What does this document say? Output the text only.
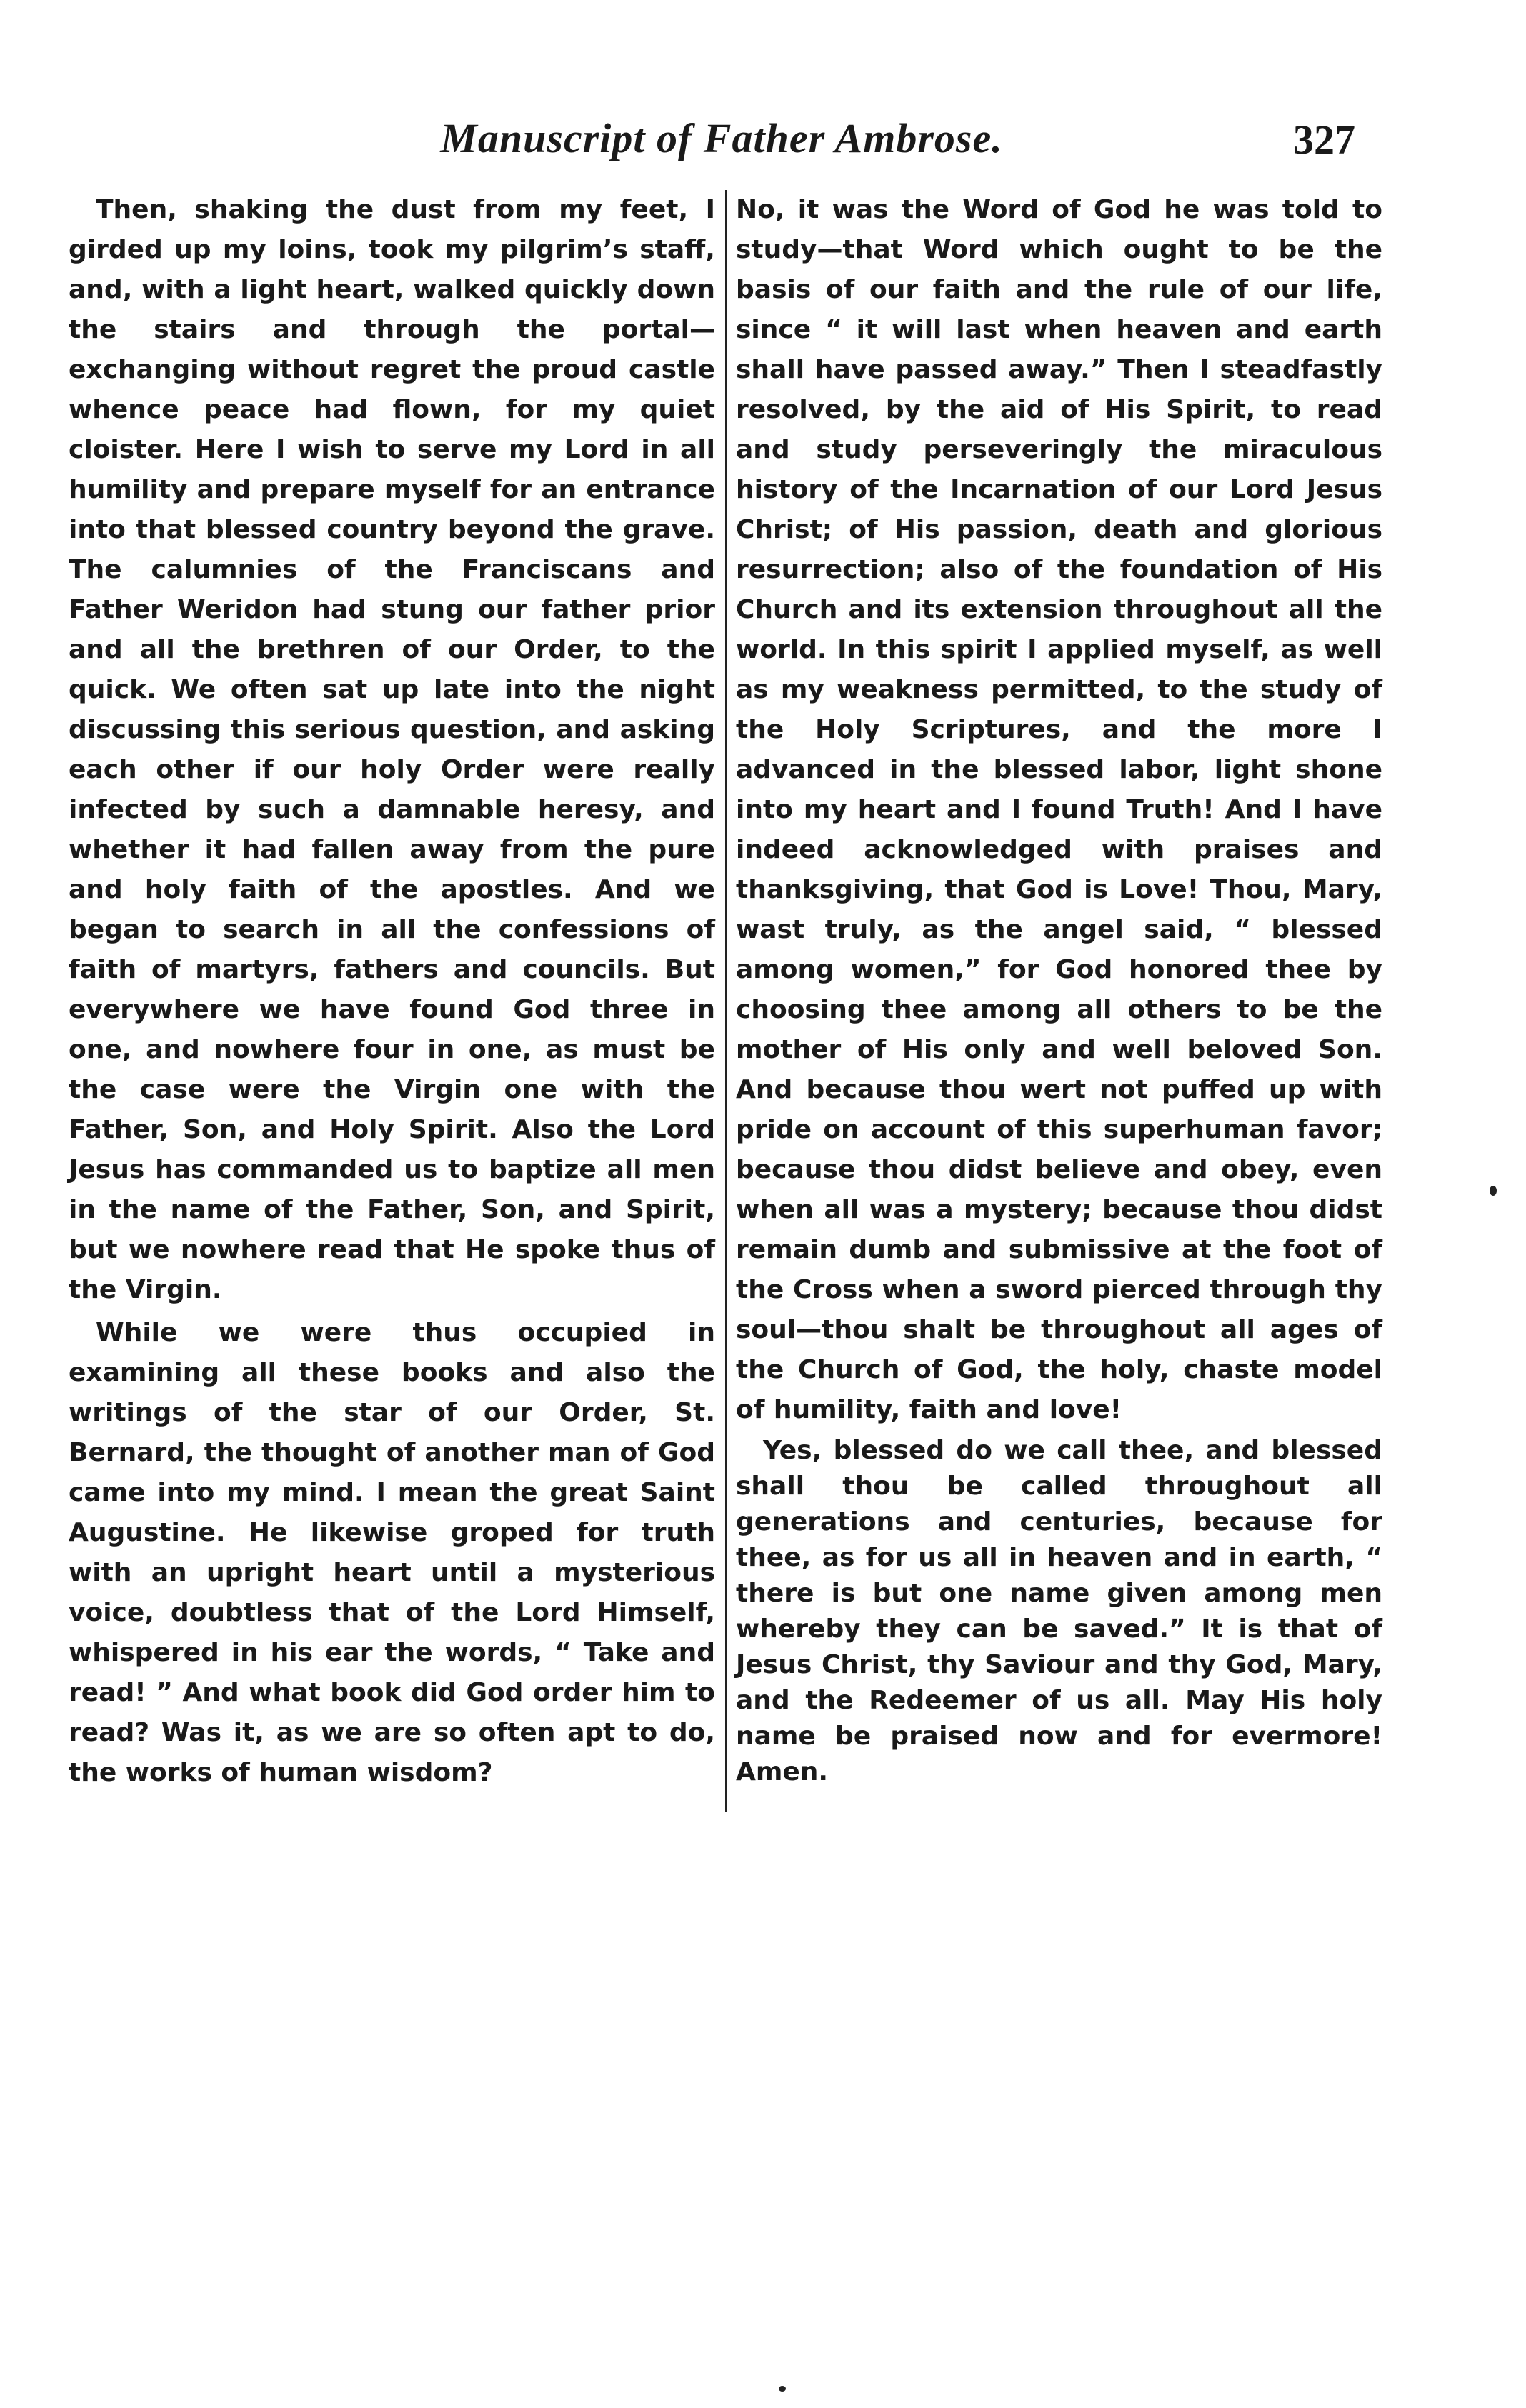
Manuscript of Father Ambrose.	327

Then, shaking the dust from my feet, I girded up my loins, took my pilgrim’s staff, and, with a light heart, walked quickly down the stairs and through the portal—exchanging without regret the proud castle whence peace had flown, for my quiet cloister. Here I wish to serve my Lord in all humility and prepare myself for an entrance into that blessed country beyond the grave. The calumnies of the Franciscans and Father Weridon had stung our father prior and all the brethren of our Order, to the quick. We often sat up late into the night discussing this serious question, and asking each other if our holy Order were really infected by such a damnable heresy, and whether it had fallen away from the pure and holy faith of the apostles. And we began to search in all the confessions of faith of martyrs, fathers and councils. But everywhere we have found God three in one, and nowhere four in one, as must be the case were the Virgin one with the Father, Son, and Holy Spirit. Also the Lord Jesus has commanded us to baptize all men in the name of the Father, Son, and Spirit, but we nowhere read that He spoke thus of the Virgin.

While we were thus occupied in examining all these books and also the writings of the star of our Order, St. Bernard, the thought of another man of God came into my mind. I mean the great Saint Augustine. He likewise groped for truth with an upright heart until a mysterious voice, doubtless that of the Lord Himself, whispered in his ear the words, “ Take and read! ” And what book did God order him to read? Was it, as we are so often apt to do, the works of human wisdom?

No, it was the Word of God he was told to study—that Word which ought to be the basis of our faith and the rule of our life, since “ it will last when heaven and earth shall have passed away.” Then I steadfastly resolved, by the aid of His Spirit, to read and study perseveringly the miraculous history of the Incarnation of our Lord Jesus Christ; of His passion, death and glorious resurrection; also of the foundation of His Church and its extension throughout all the world. In this spirit I applied myself, as well as my weakness permitted, to the study of the Holy Scriptures, and the more I advanced in the blessed labor, light shone into my heart and I found Truth! And I have indeed acknowledged with praises and thanksgiving, that God is Love! Thou, Mary, wast truly, as the angel said, “ blessed among women,” for God honored thee by choosing thee among all others to be the mother of His only and well beloved Son. And because thou wert not puffed up with pride on account of this superhuman favor; because thou didst believe and obey, even when all was a mystery; because thou didst remain dumb and submissive at the foot of the Cross when a sword pierced through thy soul—thou shalt be throughout all ages of the Church of God, the holy, chaste model of humility, faith and love!

Yes, blessed do we call thee, and blessed shall thou be called throughout all generations and centuries, because for thee, as for us all in heaven and in earth, “ there is but one name given among men whereby they can be saved.” It is that of Jesus Christ, thy Saviour and thy God, Mary, and the Redeemer of us all. May His holy name be praised now and for evermore! Amen.
